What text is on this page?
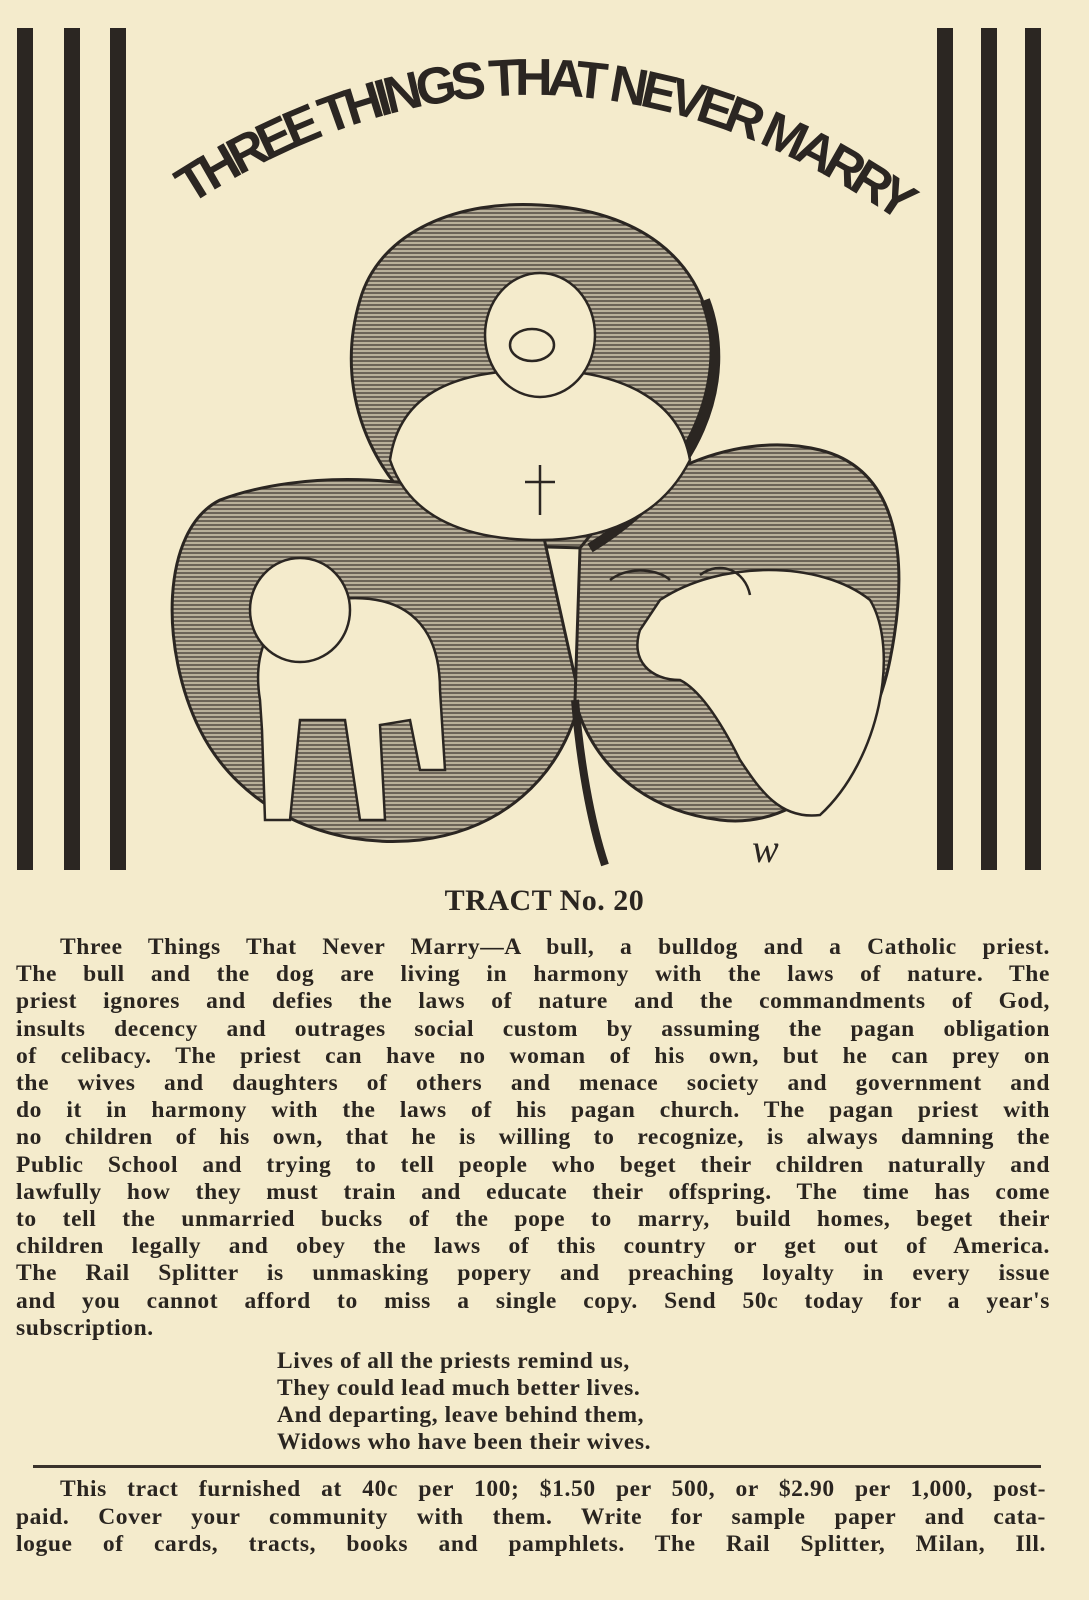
THREE THINGS THAT NEVER MARRY
w
TRACT No. 20
Three Things That Never Marry—A bull, a bulldog and a Catholic priest.
The bull and the dog are living in harmony with the laws of nature. The
priest ignores and defies the laws of nature and the commandments of God,
insults decency and outrages social custom by assuming the pagan obligation
of celibacy. The priest can have no woman of his own, but he can prey on
the wives and daughters of others and menace society and government and
do it in harmony with the laws of his pagan church. The pagan priest with
no children of his own, that he is willing to recognize, is always damning the
Public School and trying to tell people who beget their children naturally and
lawfully how they must train and educate their offspring. The time has come
to tell the unmarried bucks of the pope to marry, build homes, beget their
children legally and obey the laws of this country or get out of America.
The Rail Splitter is unmasking popery and preaching loyalty in every issue
and you cannot afford to miss a single copy. Send 50c today for a year's
subscription.
Lives of all the priests remind us,
They could lead much better lives.
And departing, leave behind them,
Widows who have been their wives.
This tract furnished at 40c per 100; $1.50 per 500, or $2.90 per 1,000, post-
paid. Cover your community with them. Write for sample paper and cata-
logue of cards, tracts, books and pamphlets. The Rail Splitter, Milan, Ill.
